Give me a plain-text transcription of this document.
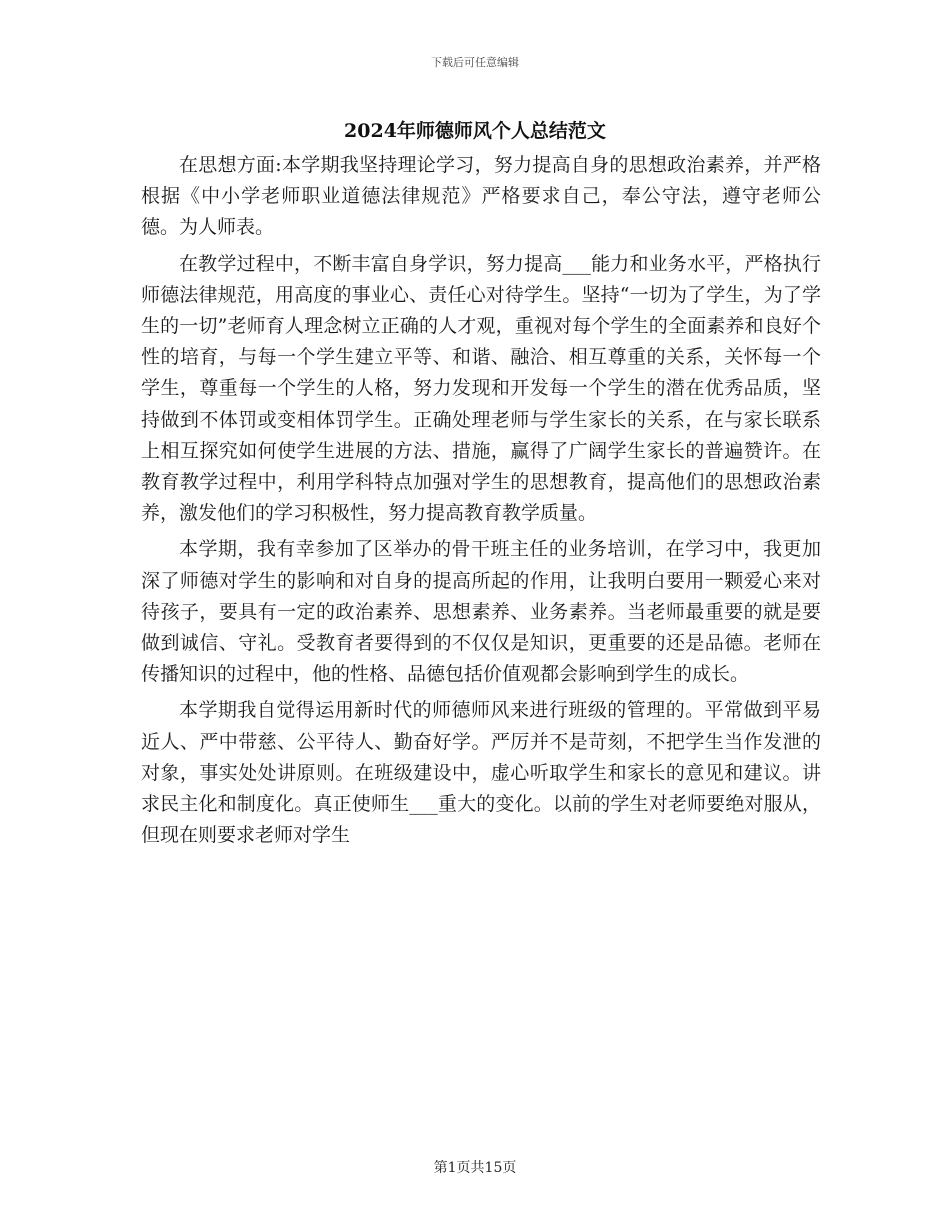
下载后可任意编辑
2024年师德师风个人总结范文

在思想方面:本学期我坚持理论学习，努力提高自身的思想政治素养，并严格根据《中小学老师职业道德法律规范》严格要求自己，奉公守法，遵守老师公德。为人师表。

在教学过程中，不断丰富自身学识，努力提高___能力和业务水平，严格执行师德法律规范，用高度的事业心、责任心对待学生。坚持“一切为了学生，为了学生的一切”老师育人理念树立正确的人才观，重视对每个学生的全面素养和良好个性的培育，与每一个学生建立平等、和谐、融洽、相互尊重的关系，关怀每一个学生，尊重每一个学生的人格，努力发现和开发每一个学生的潜在优秀品质，坚持做到不体罚或变相体罚学生。正确处理老师与学生家长的关系，在与家长联系上相互探究如何使学生进展的方法、措施，赢得了广阔学生家长的普遍赞许。在教育教学过程中，利用学科特点加强对学生的思想教育，提高他们的思想政治素养，激发他们的学习积极性，努力提高教育教学质量。

本学期，我有幸参加了区举办的骨干班主任的业务培训，在学习中，我更加深了师德对学生的影响和对自身的提高所起的作用，让我明白要用一颗爱心来对待孩子，要具有一定的政治素养、思想素养、业务素养。当老师最重要的就是要做到诚信、守礼。受教育者要得到的不仅仅是知识，更重要的还是品德。老师在传播知识的过程中，他的性格、品德包括价值观都会影响到学生的成长。

本学期我自觉得运用新时代的师德师风来进行班级的管理的。平常做到平易近人、严中带慈、公平待人、勤奋好学。严厉并不是苛刻，不把学生当作发泄的对象，事实处处讲原则。在班级建设中，虚心听取学生和家长的意见和建议。讲求民主化和制度化。真正使师生___重大的变化。以前的学生对老师要绝对服从，但现在则要求老师对学生

第1页共15页
